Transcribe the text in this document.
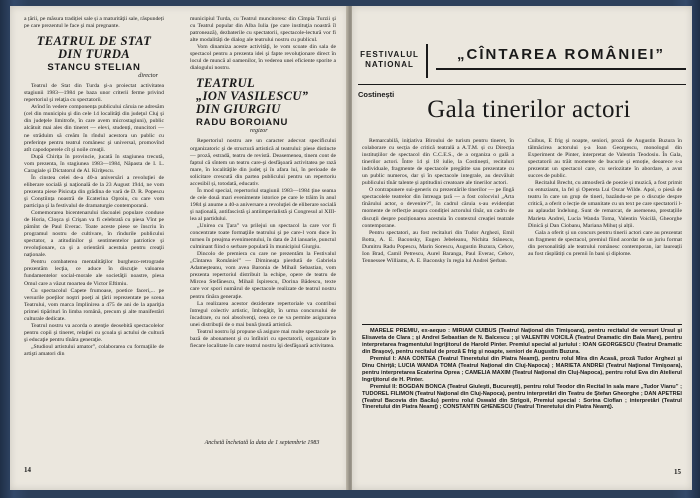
a țării, pe măsura tradiției sale și a maturităţii sale, răspundeți pe care prezentul le face şi mai pregnante.

TEATRUL DE STAT
DIN TURDA
STANCU STELIAN
director

Teatrul de Stat din Turda şi-a proiectat activitatea stagiunii 1983—1984 pe baza unor criterii ferme privind repertoriul şi relaţia cu spectatorii.

Avînd în vedere componența publicului căruia ne adresăm (cel din municipiu şi din cele 14 localităţi din judeţul Cluj şi din judeţele limitrofe, în care avem microstagiuni), public alcătuit mai ales din tineret — elevi, studenți, muncitori — ne străduim să creăm în rîndul acestora un public cu preferințe pentru teatrul românesc şi universal, promovînd atît capodoperele cît şi noile creaţii.

După Chirița în provincie, jucată în stagiunea trecută, vom prezenta, în stagiunea 1983—1984, Năpasta de I. L. Caragiale şi Dictatorul de Al. Kiriţescu.

În cinstea celei de-a 40-a aniversări a revoluţiei de eliberare socială şi naţională de la 23 August 1944, ne vom prezenta piese Pisicuţa din grădina de vară de D. R. Popescu şi Conștiința noastră de Ecaterina Oproiu, cu care vom participa şi la festivalul de dramaturgie contemporană.

Comemorarea bicentenarului răscoalei populare conduse de Horia, Cloşca şi Crişan va fi celebrată cu piesa Vînt pe pămînt de Paul Everac. Toate aceste piese se înscriu în programul nostru de cultivare, în rîndurile publicului spectator, a atitudinilor şi sentimentelor patriotice şi revoluţionare, ca şi a orientării acestuia pentru creaţii naţionale.

Pentru combaterea mentalităţilor burghezo-retrograde prezentăm lecţia, ce aduce în discuţie valoarea fundamentelor social-morale ale societăţii noastre, piesa Omul care a văzut moartea de Victor Eftimiu.

Cu spectacolul Capete frumoase, poetice faceri,... pe versurile poeţilor noştri poeţi ai ţării reprezentate pe scena Teatrului, vom marca împlinirea a 475 de ani de la apariţia primei tipărituri în limba română, precum şi alte manifestări culturale dedicate.

Teatrul nostru va acorda o atenţie deosebită spectacolelor pentru copii şi tineret, relaţiei cu şcoala şi actului de cultură şi educaţie pentru tînăra generaţie.

„Studioul artistului amator”, colaborarea cu formaţiile de artişti amatori din

municipiul Turda, cu Teatrul muncitoresc din Cîmpia Turzii şi cu Teatrul popular din Alba Iulia (pe care instituţia noastră îl patronează), dezbaterile cu spectatorii, spectacole-lectură vor fi alte modalități de dialog ale teatrului nostru cu publicul.

Vom dinamiza aceste activităţi, le vom scoate din sala de spectacol pentru a prezenta idei şi fapte revoluţionare direct în locul de muncă al oamenilor, în vederea unei eficiente sporite a dialogului nostru.

TEATRUL
„ION VASILESCU”
DIN GIURGIU
RADU BOROIANU
regizor

Repertoriul nostru are un caracter adecvat specificului organizatoric şi de structură artistică al teatrului: piese distincte — proză, estradă, teatru de revistă. Deasemenea, tinem cont de faptul că sîntem un teatru care-şi desfăşoară activitatea pe rază mare, în localităţile din judeţ şi în afara lui, în perioade de solicitare crescută din partea publicului pentru un repertoriu accesibil și, totodată, educativ.

În mod special, repertoriul stagiunii 1983—1984 ţine seama de cele două mari evenimente istorice pe care le trăim în anul 1984 şi anume a 40-a aniversare a revoluţiei de eliberare socială şi naţională, antifascistă şi antiimperialistă şi Congresul al XIII-lea al partidului.

„Unirea cu Ţara” va prilejui un spectacol la care vor fi concentrate toate formaţiile teatrului şi pe care-l vom duce în turneu în preajma evenimentului, în data de 24 ianuarie, punctul culminant fiind o serbare populară în municipiul Giurgiu.

Dincolo de premiera cu care ne prezentăm la Festivalul „Cîntarea României” — Dimineaţa pierdută de Gabriela Adameşteanu, vom avea Baronia de Mihail Sebastian, vom prezenta repertoriul distribuit la echipe, opere de teatru de Mircea Stefănescu, Mihail Ispirescu, Dorina Bădescu, texte care vor spori numărul de spectacole realizate de teatrul nostru pentru tînăra generaţie.

La realizarea acestor deziderate repertoriale va contribui întregul colectiv artistic, îmbogăţit, în urma concursului de încadrare, cu noi absolvenţi, ceea ce ne va permite asigurarea unei distribuţii de o mai bună ţinută artistică.

Teatrul nostru îşi propune să asigure mai multe spectacole pe bază de abonament şi cu întîlniri cu spectatorii, organizate în fiecare localitate în care teatrul nostru îşi desfăşoară activitatea.

Anchetă încheiată la data de 1 septembrie 1983
14
FESTIVALUL NATIONAL
„CÎNTAREA ROMÂNIEI”
Costinești
Gala tinerilor actori

Remarcabilă, inițiativa Biroului de turism pentru tineret, în colaborare cu secția de critică teatrală a A.T.M. și cu Direcția instituțiilor de spectacol din C.C.E.S., de a organiza o gală a tinerilor actori. Între 14 și 18 iulie, la Costinești, recitaluri individuale, fragmente de spectacole pregătite sau prezentate cu un public numeros, dar și în spectacole integrale, au dezvăluit publicului tînăr talente și aptitudini creatoare ale tinerilor actori.

O contrapunere sui-generis cu prezentările tinerilor — pe lîngă spectacolele teatrelor din întreaga țară — a fost colocviul „Arta tînărului actor, o devenire?”, în cadrul căruia s-au evidențiat momente de reflecție asupra condiției actorului tînăr, un cadru de discuții despre poziționarea acestuia în contextul creației teatrale contemporane.

Pentru spectatori, au fost recitaluri din Tudor Arghezi, Emil Botta, A. E. Baconsky, Eugen Jebeleanu, Nichita Stănescu, Dumitru Radu Popescu, Marin Sorescu, Augustin Buzura, Cehov, Ion Brad, Camil Petrescu, Aurel Baranga, Paul Everac, Cehov, Tennessee Williams, A. E. Baconsky în regia lui Andrei Şerban.

Cuibus, E frig și noapte, seniori, proză de Augustin Buzura în tălmăcirea actorului ș-a Ioan Georgescu, monologul din Experiment de Pinter, interpretat de Valentin Teodosiu. În Gala, spectatorii au trăit momente de bucurie și emoție, deoarece s-a prezentat un spectacol care, cu seriozitate în abordare, a avut succes de public.

Recitalul Brecht, cu atmosferă de poezie și muzică, a fost primit cu entuziasm, la fel și Opereta Lui Oscar Wilde. Apoi, o piesă de teatru în care un grup de tineri, bazându-se pe o discuție despre critică, a oferit o lecție de umanitate cu un text pe care spectatorii l-au aplaudat îndelung. Sunt de remarcat, de asemenea, prestațiile Marieta Andrei, Lucia Wanda Toma, Valentin Voicilă, Gheorghe Dinică și Dan Ciobanu, Mariana Mihuț și alții.

Gala a oferit și un concurs pentru tinerii actori care au prezentat un fragment de spectacol, premiul fiind acordat de un juriu format din personalități ale teatrului românesc contemporan, iar laureații au fost răsplătiți cu premii în bani și diplome.

MARELE PREMIU, ex-aequo : MIRIAM CUIBUS (Teatrul Naţional din Timişoara), pentru recitalul de versuri Ursul şi Elisaveta de Clara ; şi Andrei Sebastian de N. Balcescu ; şi VALENTIN VOICILĂ (Teatrul Dramatic din Baia Mare), pentru interpretarea fragmentului Ingrijitorul de Harold Pinter. Premiul special al juriului : IOAN GEORGESCU (Teatrul Dramatic din Braşov), pentru recitalul de proză E frig şi noapte, seniori de Augustin Buzura.

Premiul I: ANA CONTEA (Teatrul Tineretului din Piatra Neamţ), pentru rolul Mira din Acasă, proză Tudor Arghezi şi Dinu Chiriţă; LUCIA WANDA TOMA (Teatrul Naţional din Cluj-Napoca) ; MARIETA ANDREI (Teatrul Naţional Timişoara), pentru interpretarea Ecaterina Oprea ; CAMELIA MAXIM (Teatrul Naţional din Cluj-Napoca), pentru rolul Eva din Atelierul Ingrijitorul de H. Pinter.

Premiul II: BOGDAN BONCA (Teatrul Giuleşti, Bucureşti), pentru rolul Teodor din Recital în sala mare „Tudor Vianu” ; TUDOREL FILIMON (Teatrul Naţional din Cluj-Napoca), pentru interpretări din Teatru de Ştefan Gheorghe ; DAN APETREI (Teatrul Bacovia din Bacău) pentru rolul Oswald din Strigoii, Premiul special : Sorina Cioflan ; interpretări (Teatrul Tineretului din Piatra Neamţ) ; CONSTANTIN GHENESCU (Teatrul Tineretului din Piatra Neamţ).

15
